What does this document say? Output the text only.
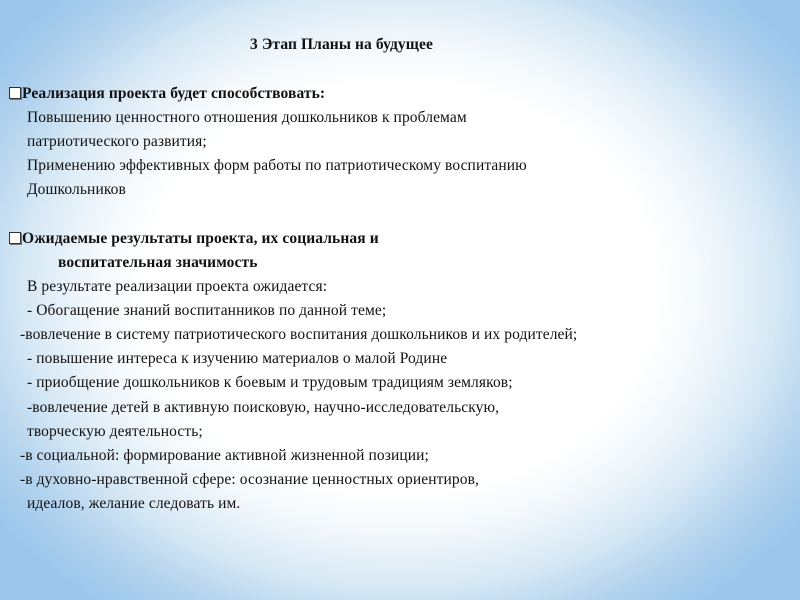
3 Этап Планы на будущее
Реализация проекта будет способствовать:
Повышению ценностного отношения дошкольников к проблемам
патриотического развития;
Применению эффективных форм работы по патриотическому воспитанию
Дошкольников
Ожидаемые результаты проекта, их социальная и
воспитательная значимость
В результате реализации проекта ожидается:
- Обогащение знаний воспитанников по данной теме;
-вовлечение в систему патриотического воспитания дошкольников и их родителей;
- повышение интереса к изучению материалов о малой Родине
- приобщение дошкольников к боевым и трудовым традициям земляков;
-вовлечение детей в активную поисковую, научно-исследовательскую,
творческую деятельность;
-в социальной: формирование активной жизненной позиции;
-в духовно-нравственной сфере: осознание ценностных ориентиров,
идеалов, желание следовать им.
